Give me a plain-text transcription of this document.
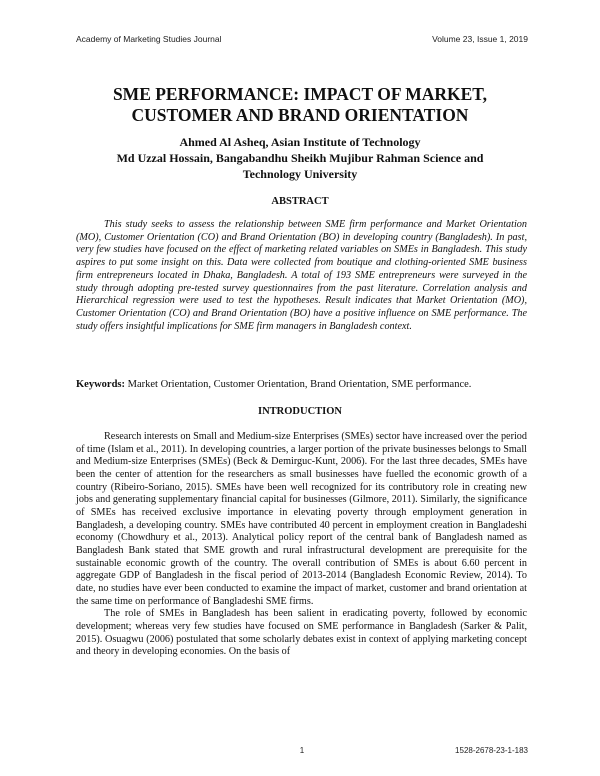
Academy of Marketing Studies Journal	Volume 23, Issue 1, 2019
SME PERFORMANCE: IMPACT OF MARKET,
CUSTOMER AND BRAND ORIENTATION
Ahmed Al Asheq, Asian Institute of Technology
Md Uzzal Hossain, Bangabandhu Sheikh Mujibur Rahman Science and
Technology University
ABSTRACT

This study seeks to assess the relationship between SME firm performance and Market Orientation (MO), Customer Orientation (CO) and Brand Orientation (BO) in developing country (Bangladesh). In past, very few studies have focused on the effect of marketing related variables on SMEs in Bangladesh. This study aspires to put some insight on this. Data were collected from boutique and clothing-oriented SME business firm entrepreneurs located in Dhaka, Bangladesh. A total of 193 SME entrepreneurs were surveyed in the study through adopting pre-tested survey questionnaires from the past literature. Correlation analysis and Hierarchical regression were used to test the hypotheses. Result indicates that Market Orientation (MO), Customer Orientation (CO) and Brand Orientation (BO) have a positive influence on SME performance. The study offers insightful implications for SME firm managers in Bangladesh context.

Keywords: Market Orientation, Customer Orientation, Brand Orientation, SME performance.

INTRODUCTION

Research interests on Small and Medium-size Enterprises (SMEs) sector have increased over the period of time (Islam et al., 2011). In developing countries, a larger portion of the private businesses belongs to Small and Medium-size Enterprises (SMEs) (Beck & Demirguc-Kunt, 2006). For the last three decades, SMEs have been the center of attention for the researchers as small businesses have fuelled the economic growth of a country (Ribeiro-Soriano, 2015). SMEs have been well recognized for its contributory role in creating new jobs and generating supplementary financial capital for businesses (Gilmore, 2011). Similarly, the significance of SMEs has received exclusive importance in elevating poverty through employment generation in Bangladesh, a developing country. SMEs have contributed 40 percent in employment creation in Bangladeshi economy (Chowdhury et al., 2013). Analytical policy report of the central bank of Bangladesh named as Bangladesh Bank stated that SME growth and rural infrastructural development are prerequisite for the sustainable economic growth of the country. The overall contribution of SMEs is about 6.60 percent in aggregate GDP of Bangladesh in the fiscal period of 2013-2014 (Bangladesh Economic Review, 2014). To date, no studies have ever been conducted to examine the impact of market, customer and brand orientation at the same time on performance of Bangladeshi SME firms.

The role of SMEs in Bangladesh has been salient in eradicating poverty, followed by economic development; whereas very few studies have focused on SME performance in Bangladesh (Sarker & Palit, 2015). Osuagwu (2006) postulated that some scholarly debates exist in context of applying marketing concept and theory in developing economies. On the basis of

1	1528-2678-23-1-183
